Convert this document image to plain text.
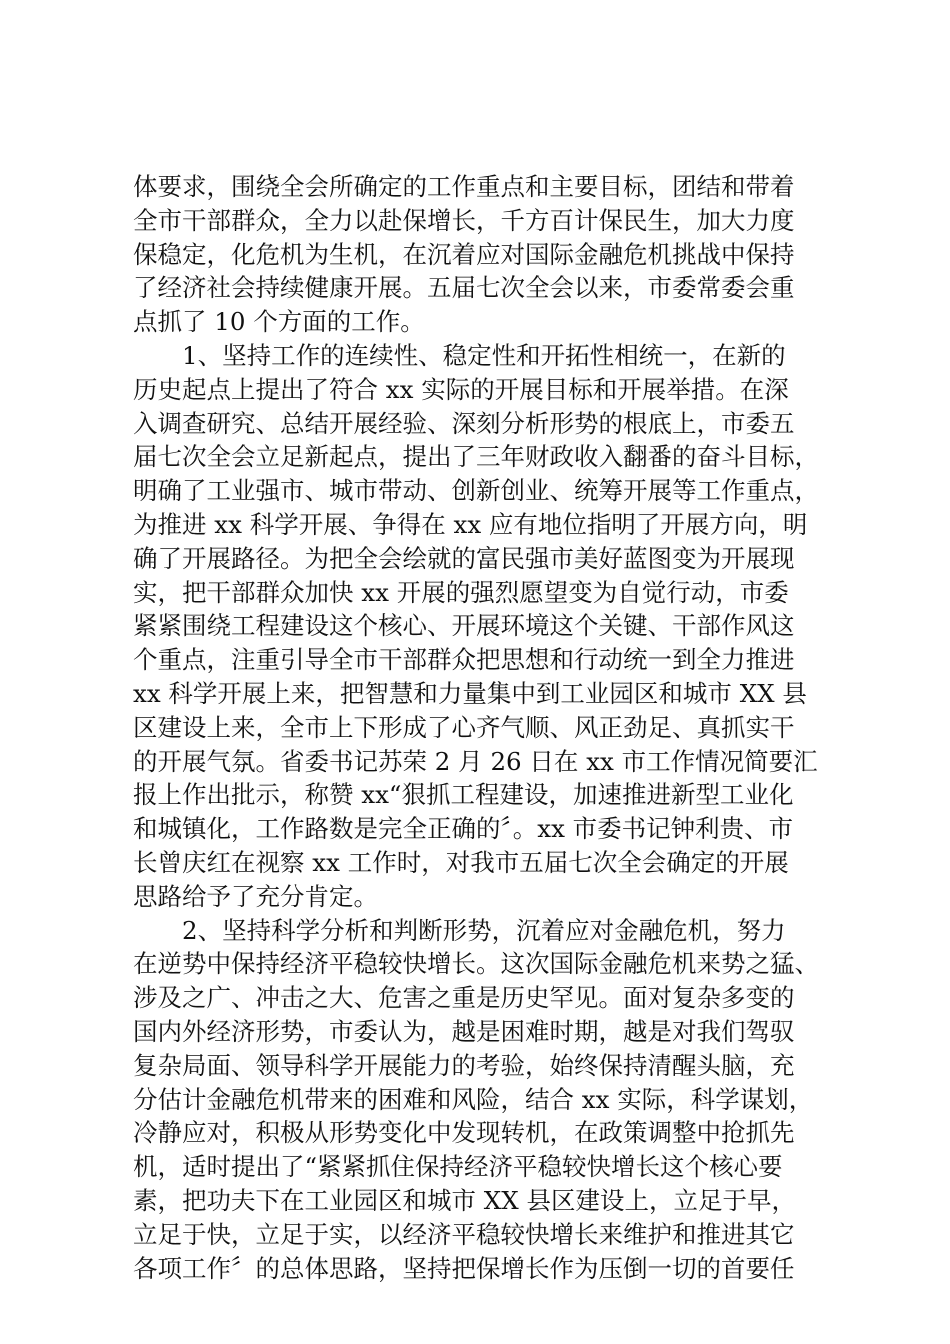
体要求，围绕全会所确定的工作重点和主要目标，团结和带着
全市干部群众，全力以赴保增长，千方百计保民生，加大力度
保稳定，化危机为生机，在沉着应对国际金融危机挑战中保持
了经济社会持续健康开展。五届七次全会以来，市委常委会重
点抓了 10 个方面的工作。
　　1、坚持工作的连续性、稳定性和开拓性相统一，在新的
历史起点上提出了符合 xx 实际的开展目标和开展举措。在深
入调查研究、总结开展经验、深刻分析形势的根底上，市委五
届七次全会立足新起点，提出了三年财政收入翻番的奋斗目标，
明确了工业强市、城市带动、创新创业、统筹开展等工作重点，
为推进 xx 科学开展、争得在 xx 应有地位指明了开展方向，明
确了开展路径。为把全会绘就的富民强市美好蓝图变为开展现
实，把干部群众加快 xx 开展的强烈愿望变为自觉行动，市委
紧紧围绕工程建设这个核心、开展环境这个关键、干部作风这
个重点，注重引导全市干部群众把思想和行动统一到全力推进
xx 科学开展上来，把智慧和力量集中到工业园区和城市 XX 县
区建设上来，全市上下形成了心齐气顺、风正劲足、真抓实干
的开展气氛。省委书记苏荣 2 月 26 日在 xx 市工作情况简要汇
报上作出批示，称赞 xx“狠抓工程建设，加速推进新型工业化
和城镇化，工作路数是完全正确的〞。xx 市委书记钟利贵、市
长曾庆红在视察 xx 工作时，对我市五届七次全会确定的开展
思路给予了充分肯定。
　　2、坚持科学分析和判断形势，沉着应对金融危机，努力
在逆势中保持经济平稳较快增长。这次国际金融危机来势之猛、
涉及之广、冲击之大、危害之重是历史罕见。面对复杂多变的
国内外经济形势，市委认为，越是困难时期，越是对我们驾驭
复杂局面、领导科学开展能力的考验，始终保持清醒头脑，充
分估计金融危机带来的困难和风险，结合 xx 实际，科学谋划，
冷静应对，积极从形势变化中发现转机，在政策调整中抢抓先
机，适时提出了“紧紧抓住保持经济平稳较快增长这个核心要
素，把功夫下在工业园区和城市 XX 县区建设上，立足于早，
立足于快，立足于实，以经济平稳较快增长来维护和推进其它
各项工作〞的总体思路，坚持把保增长作为压倒一切的首要任
